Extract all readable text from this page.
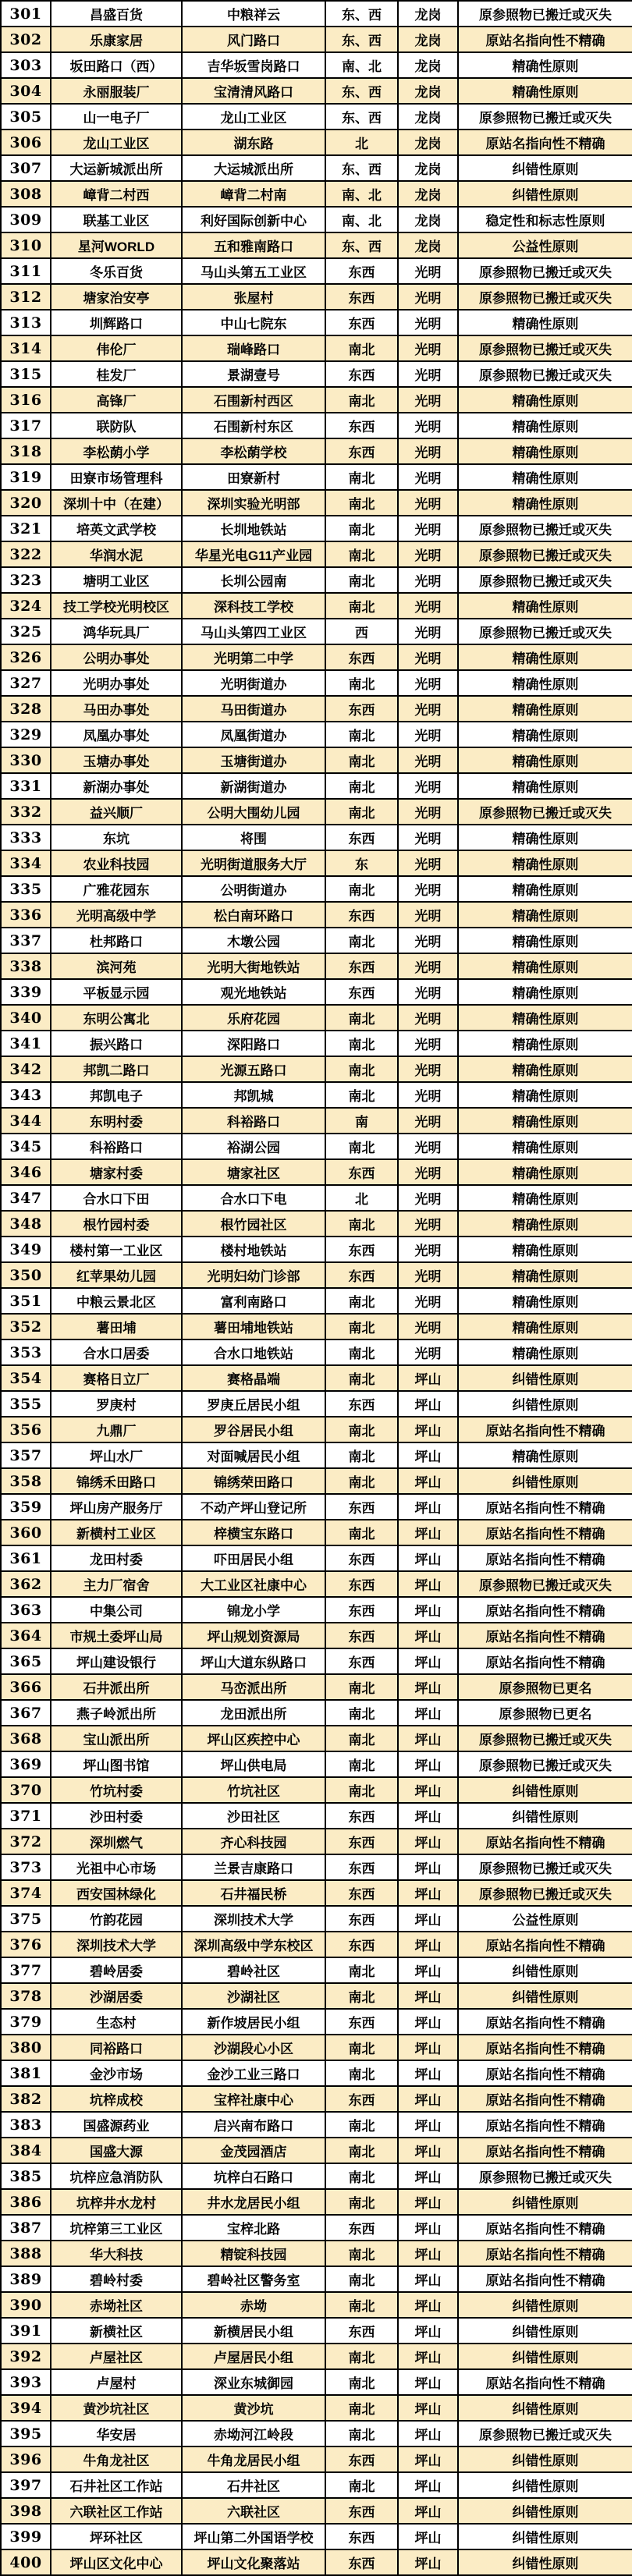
301	昌盛百货	中粮祥云	东、西	龙岗	原参照物已搬迁或灭失
302	乐康家居	风门路口	东、西	龙岗	原站名指向性不精确
303	坂田路口（西）	吉华坂雪岗路口	南、北	龙岗	精确性原则
304	永丽服装厂	宝清清风路口	东、西	龙岗	精确性原则
305	山一电子厂	龙山工业区	东、西	龙岗	原参照物已搬迁或灭失
306	龙山工业区	湖东路	北	龙岗	原站名指向性不精确
307	大运新城派出所	大运城派出所	东、西	龙岗	纠错性原则
308	嶂背二村西	嶂背二村南	南、北	龙岗	纠错性原则
309	联基工业区	利好国际创新中心	南、北	龙岗	稳定性和标志性原则
310	星河WORLD	五和雅南路口	东、西	龙岗	公益性原则
311	冬乐百货	马山头第五工业区	东西	光明	原参照物已搬迁或灭失
312	塘家治安亭	张屋村	东西	光明	原参照物已搬迁或灭失
313	圳辉路口	中山七院东	东西	光明	精确性原则
314	伟伦厂	瑞峰路口	南北	光明	原参照物已搬迁或灭失
315	桂发厂	景湖壹号	东西	光明	原参照物已搬迁或灭失
316	高锋厂	石围新村西区	南北	光明	精确性原则
317	联防队	石围新村东区	东西	光明	精确性原则
318	李松蓢小学	李松蓢学校	东西	光明	精确性原则
319	田寮市场管理科	田寮新村	南北	光明	精确性原则
320	深圳十中（在建）	深圳实验光明部	南北	光明	精确性原则
321	培英文武学校	长圳地铁站	南北	光明	原参照物已搬迁或灭失
322	华润水泥	华星光电G11产业园	南北	光明	原参照物已搬迁或灭失
323	塘明工业区	长圳公园南	南北	光明	原参照物已搬迁或灭失
324	技工学校光明校区	深科技工学校	南北	光明	精确性原则
325	鸿华玩具厂	马山头第四工业区	西	光明	原参照物已搬迁或灭失
326	公明办事处	光明第二中学	东西	光明	精确性原则
327	光明办事处	光明街道办	南北	光明	精确性原则
328	马田办事处	马田街道办	东西	光明	精确性原则
329	凤凰办事处	凤凰街道办	南北	光明	精确性原则
330	玉塘办事处	玉塘街道办	南北	光明	精确性原则
331	新湖办事处	新湖街道办	南北	光明	精确性原则
332	益兴顺厂	公明大围幼儿园	南北	光明	原参照物已搬迁或灭失
333	东坑	将围	东西	光明	精确性原则
334	农业科技园	光明街道服务大厅	东	光明	精确性原则
335	广雅花园东	公明街道办	南北	光明	精确性原则
336	光明高级中学	松白南环路口	东西	光明	精确性原则
337	杜邦路口	木墩公园	南北	光明	精确性原则
338	滨河苑	光明大街地铁站	东西	光明	精确性原则
339	平板显示园	观光地铁站	东西	光明	精确性原则
340	东明公寓北	乐府花园	南北	光明	精确性原则
341	振兴路口	深阳路口	南北	光明	精确性原则
342	邦凯二路口	光源五路口	南北	光明	精确性原则
343	邦凯电子	邦凯城	南北	光明	精确性原则
344	东明村委	科裕路口	南	光明	精确性原则
345	科裕路口	裕湖公园	南北	光明	精确性原则
346	塘家村委	塘家社区	东西	光明	精确性原则
347	合水口下田	合水口下电	北	光明	精确性原则
348	根竹园村委	根竹园社区	南北	光明	精确性原则
349	楼村第一工业区	楼村地铁站	东西	光明	精确性原则
350	红苹果幼儿园	光明妇幼门诊部	东西	光明	精确性原则
351	中粮云景北区	富利南路口	南北	光明	精确性原则
352	薯田埔	薯田埔地铁站	南北	光明	精确性原则
353	合水口居委	合水口地铁站	南北	光明	精确性原则
354	赛格日立厂	赛格晶端	南北	坪山	纠错性原则
355	罗庚村	罗庚丘居民小组	东西	坪山	纠错性原则
356	九鼎厂	罗谷居民小组	南北	坪山	原站名指向性不精确
357	坪山水厂	对面喊居民小组	南北	坪山	精确性原则
358	锦绣禾田路口	锦绣荣田路口	南北	坪山	纠错性原则
359	坪山房产服务厅	不动产坪山登记所	东西	坪山	原站名指向性不精确
360	新横村工业区	梓横宝东路口	南北	坪山	原站名指向性不精确
361	龙田村委	吓田居民小组	东西	坪山	原站名指向性不精确
362	主力厂宿舍	大工业区社康中心	东西	坪山	原参照物已搬迁或灭失
363	中集公司	锦龙小学	东西	坪山	原站名指向性不精确
364	市规土委坪山局	坪山规划资源局	东西	坪山	原站名指向性不精确
365	坪山建设银行	坪山大道东纵路口	东西	坪山	原站名指向性不精确
366	石井派出所	马峦派出所	南北	坪山	原参照物已更名
367	燕子岭派出所	龙田派出所	南北	坪山	原参照物已更名
368	宝山派出所	坪山区疾控中心	南北	坪山	原参照物已搬迁或灭失
369	坪山图书馆	坪山供电局	南北	坪山	原参照物已搬迁或灭失
370	竹坑村委	竹坑社区	南北	坪山	纠错性原则
371	沙田村委	沙田社区	东西	坪山	纠错性原则
372	深圳燃气	齐心科技园	东西	坪山	原站名指向性不精确
373	光祖中心市场	兰景吉康路口	东西	坪山	原参照物已搬迁或灭失
374	西安国林绿化	石井福民桥	东西	坪山	原参照物已搬迁或灭失
375	竹韵花园	深圳技术大学	东西	坪山	公益性原则
376	深圳技术大学	深圳高级中学东校区	东西	坪山	原站名指向性不精确
377	碧岭居委	碧岭社区	南北	坪山	纠错性原则
378	沙湖居委	沙湖社区	南北	坪山	纠错性原则
379	生态村	新作坡居民小组	东西	坪山	原站名指向性不精确
380	同裕路口	沙湖段心小区	南北	坪山	原站名指向性不精确
381	金沙市场	金沙工业三路口	南北	坪山	原站名指向性不精确
382	坑梓成校	宝梓社康中心	东西	坪山	原站名指向性不精确
383	国盛源药业	启兴南布路口	南北	坪山	原站名指向性不精确
384	国盛大源	金茂园酒店	南北	坪山	原站名指向性不精确
385	坑梓应急消防队	坑梓白石路口	南北	坪山	原参照物已搬迁或灭失
386	坑梓井水龙村	井水龙居民小组	南北	坪山	纠错性原则
387	坑梓第三工业区	宝梓北路	东西	坪山	原站名指向性不精确
388	华大科技	精锭科技园	南北	坪山	原站名指向性不精确
389	碧岭村委	碧岭社区警务室	南北	坪山	原站名指向性不精确
390	赤坳社区	赤坳	南北	坪山	纠错性原则
391	新横社区	新横居民小组	东西	坪山	纠错性原则
392	卢屋社区	卢屋居民小组	南北	坪山	纠错性原则
393	卢屋村	深业东城御园	南北	坪山	原站名指向性不精确
394	黄沙坑社区	黄沙坑	南北	坪山	纠错性原则
395	华安居	赤坳河江岭段	南北	坪山	原参照物已搬迁或灭失
396	牛角龙社区	牛角龙居民小组	东西	坪山	纠错性原则
397	石井社区工作站	石井社区	南北	坪山	纠错性原则
398	六联社区工作站	六联社区	东西	坪山	纠错性原则
399	坪环社区	坪山第二外国语学校	东西	坪山	纠错性原则
400	坪山区文化中心	坪山文化聚落站	东西	坪山	纠错性原则
